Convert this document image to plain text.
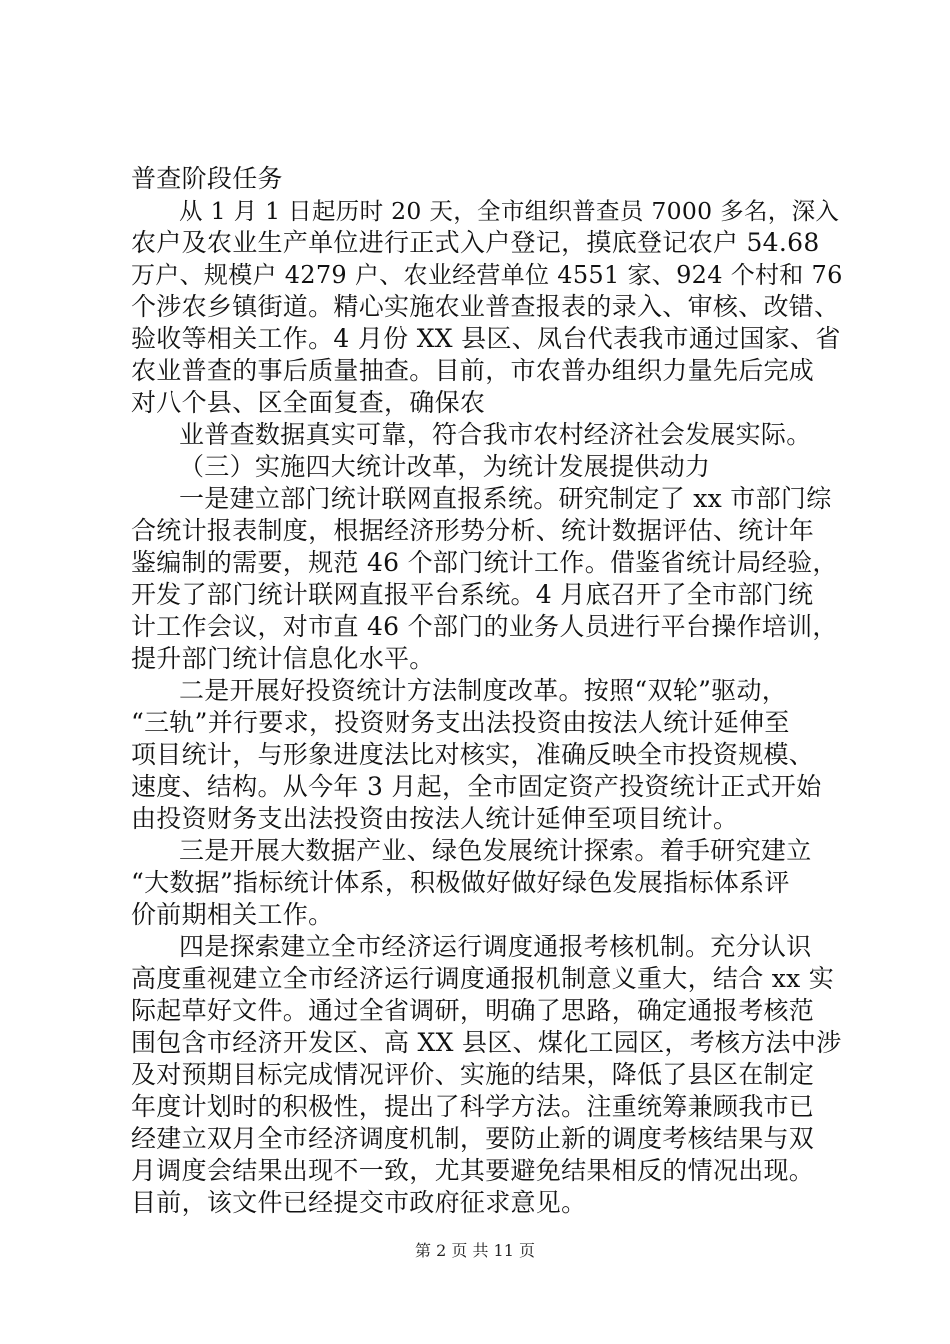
普查阶段任务
从 1 月 1 日起历时 20 天，全市组织普查员 7000 多名，深入
农户及农业生产单位进行正式入户登记，摸底登记农户 54.68
万户、规模户 4279 户、农业经营单位 4551 家、924 个村和 76
个涉农乡镇街道。精心实施农业普查报表的录入、审核、改错、
验收等相关工作。4 月份 XX 县区、凤台代表我市通过国家、省
农业普查的事后质量抽查。目前，市农普办组织力量先后完成
对八个县、区全面复查，确保农
业普查数据真实可靠，符合我市农村经济社会发展实际。
（三）实施四大统计改革，为统计发展提供动力
一是建立部门统计联网直报系统。研究制定了 xx 市部门综
合统计报表制度，根据经济形势分析、统计数据评估、统计年
鉴编制的需要，规范 46 个部门统计工作。借鉴省统计局经验，
开发了部门统计联网直报平台系统。4 月底召开了全市部门统
计工作会议，对市直 46 个部门的业务人员进行平台操作培训，
提升部门统计信息化水平。
二是开展好投资统计方法制度改革。按照“双轮”驱动，
“三轨”并行要求，投资财务支出法投资由按法人统计延伸至
项目统计，与形象进度法比对核实，准确反映全市投资规模、
速度、结构。从今年 3 月起，全市固定资产投资统计正式开始
由投资财务支出法投资由按法人统计延伸至项目统计。
三是开展大数据产业、绿色发展统计探索。着手研究建立
“大数据”指标统计体系，积极做好做好绿色发展指标体系评
价前期相关工作。
四是探索建立全市经济运行调度通报考核机制。充分认识
高度重视建立全市经济运行调度通报机制意义重大，结合 xx 实
际起草好文件。通过全省调研，明确了思路，确定通报考核范
围包含市经济开发区、高 XX 县区、煤化工园区，考核方法中涉
及对预期目标完成情况评价、实施的结果，降低了县区在制定
年度计划时的积极性，提出了科学方法。注重统筹兼顾我市已
经建立双月全市经济调度机制，要防止新的调度考核结果与双
月调度会结果出现不一致，尤其要避免结果相反的情况出现。
目前，该文件已经提交市政府征求意见。
第 2 页 共 11 页
